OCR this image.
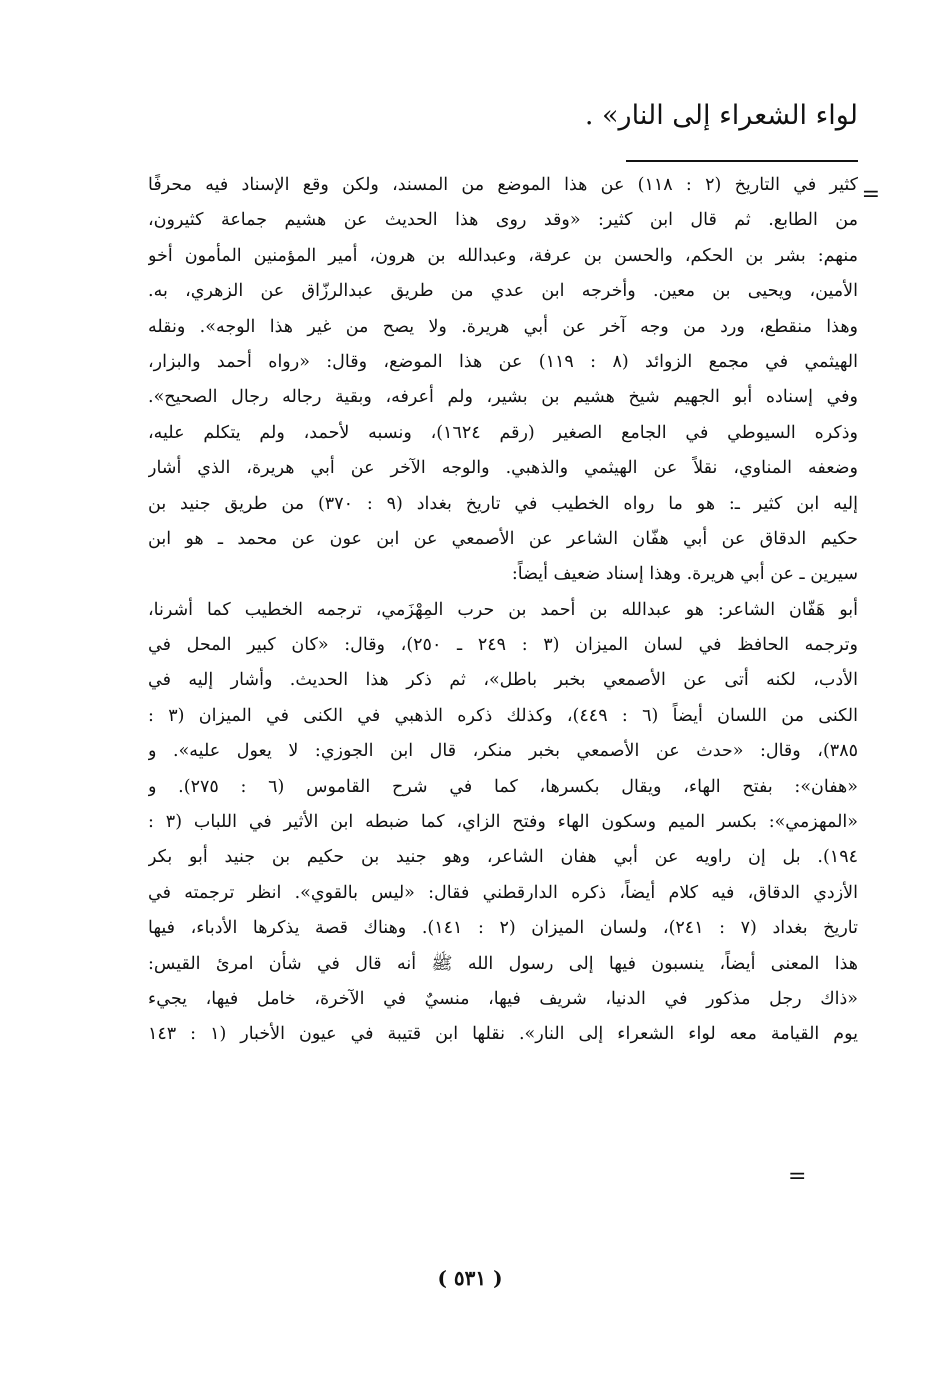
لواء الشعراء إلى النار» .
=
كثير في التاريخ (٢ : ١١٨) عن هذا الموضع من المسند، ولكن وقع الإسناد فيه محرفًا
من الطابع. ثم قال ابن كثير: «وقد روى هذا الحديث عن هشيم جماعة كثيرون،
منهم: بشر بن الحكم، والحسن بن عرفة، وعبدالله بن هرون، أمير المؤمنين المأمون أخو
الأمين، ويحيى بن معين. وأخرجه ابن عدي من طريق عبدالرزّاق عن الزهري، به.
وهذا منقطع، ورد من وجه آخر عن أبي هريرة. ولا يصح من غير هذا الوجه». ونقله
الهيثمي في مجمع الزوائد (٨ : ١١٩) عن هذا الموضع، وقال: «رواه أحمد والبزار،
وفي إسناده أبو الجهيم شيخ هشيم بن بشير، ولم أعرفه، وبقية رجاله رجال الصحيح».
وذكره السيوطي في الجامع الصغير (رقم ١٦٢٤)، ونسبه لأحمد، ولم يتكلم عليه،
وضعفه المناوي، نقلاً عن الهيثمي والذهبي. والوجه الآخر عن أبي هريرة، الذي أشار
إليه ابن كثير ـ: هو ما رواه الخطيب في تاريخ بغداد (٩ : ٣٧٠) من طريق جنيد بن
حكيم الدقاق عن أبي هفّان الشاعر عن الأصمعي عن ابن عون عن محمد ـ هو ابن
سيرين ـ عن أبي هريرة. وهذا إسناد ضعيف أيضاً:
أبو هَفّان الشاعر: هو عبدالله بن أحمد بن حرب المِهْزَمي، ترجمه الخطيب كما أشرنا،
وترجمه الحافظ في لسان الميزان (٣ : ٢٤٩ ـ ٢٥٠)، وقال: «كان كبير المحل في
الأدب، لكنه أتى عن الأصمعي بخبر باطل»، ثم ذكر هذا الحديث. وأشار إليه في
الكنى من اللسان أيضاً (٦ : ٤٤٩)، وكذلك ذكره الذهبي في الكنى في الميزان (٣ :
٣٨٥)، وقال: «حدث عن الأصمعي بخبر منكر، قال ابن الجوزي: لا يعول عليه». و
«هفان»: بفتح الهاء، ويقال بكسرها، كما في شرح القاموس (٦ : ٢٧٥). و
«المهزمي»: بكسر الميم وسكون الهاء وفتح الزاي، كما ضبطه ابن الأثير في اللباب (٣ :
١٩٤). بل إن راويه عن أبي هفان الشاعر، وهو جنيد بن حكيم بن جنيد أبو بكر
الأزدي الدقاق، فيه كلام أيضاً، ذكره الدارقطني فقال: «ليس بالقوي». انظر ترجمته في
تاريخ بغداد (٧ : ٢٤١)، ولسان الميزان (٢ : ١٤١). وهناك قصة يذكرها الأدباء، فيها
هذا المعنى أيضاً، ينسبون فيها إلى رسول الله ﷺ أنه قال في شأن امرئ القيس:
«ذاك رجل مذكور في الدنيا، شريف فيها، منسيٌ في الآخرة، خامل فيها، يجيء
يوم القيامة معه لواء الشعراء إلى النار». نقلها ابن قتيبة في عيون الأخبار (١ : ١٤٣
=
( ٥٣١ )
